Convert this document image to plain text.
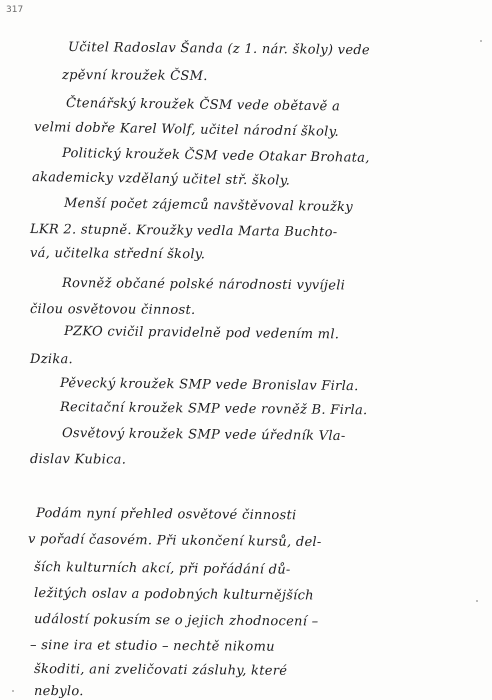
317
Učitel Radoslav Šanda (z 1. nár. školy) vede
zpěvní kroužek ČSM.
Čtenářský kroužek ČSM vede obětavě a
velmi dobře Karel Wolf, učitel národní školy.
Politický kroužek ČSM vede Otakar Brohata,
akademicky vzdělaný učitel stř. školy.
Menší počet zájemců navštěvoval kroužky
LKR 2. stupně. Kroužky vedla Marta Buchto-
vá, učitelka střední školy.
Rovněž občané polské národnosti vyvíjeli
čilou osvětovou činnost.
PZKO cvičil pravidelně pod vedením ml.
Dzika.
Pěvecký kroužek SMP vede Bronislav Firla.
Recitační kroužek SMP vede rovněž B. Firla.
Osvětový kroužek SMP vede úředník Vla-
dislav Kubica.
Podám nyní přehled osvětové činnosti
v pořadí časovém. Při ukončení kursů, del-
ších kulturních akcí, při pořádání dů-
ležitých oslav a podobných kulturnějších
událostí pokusím se o jejich zhodnocení –
– sine ira et studio – nechtě nikomu
škoditi, ani zveličovati zásluhy, které
nebylo.
